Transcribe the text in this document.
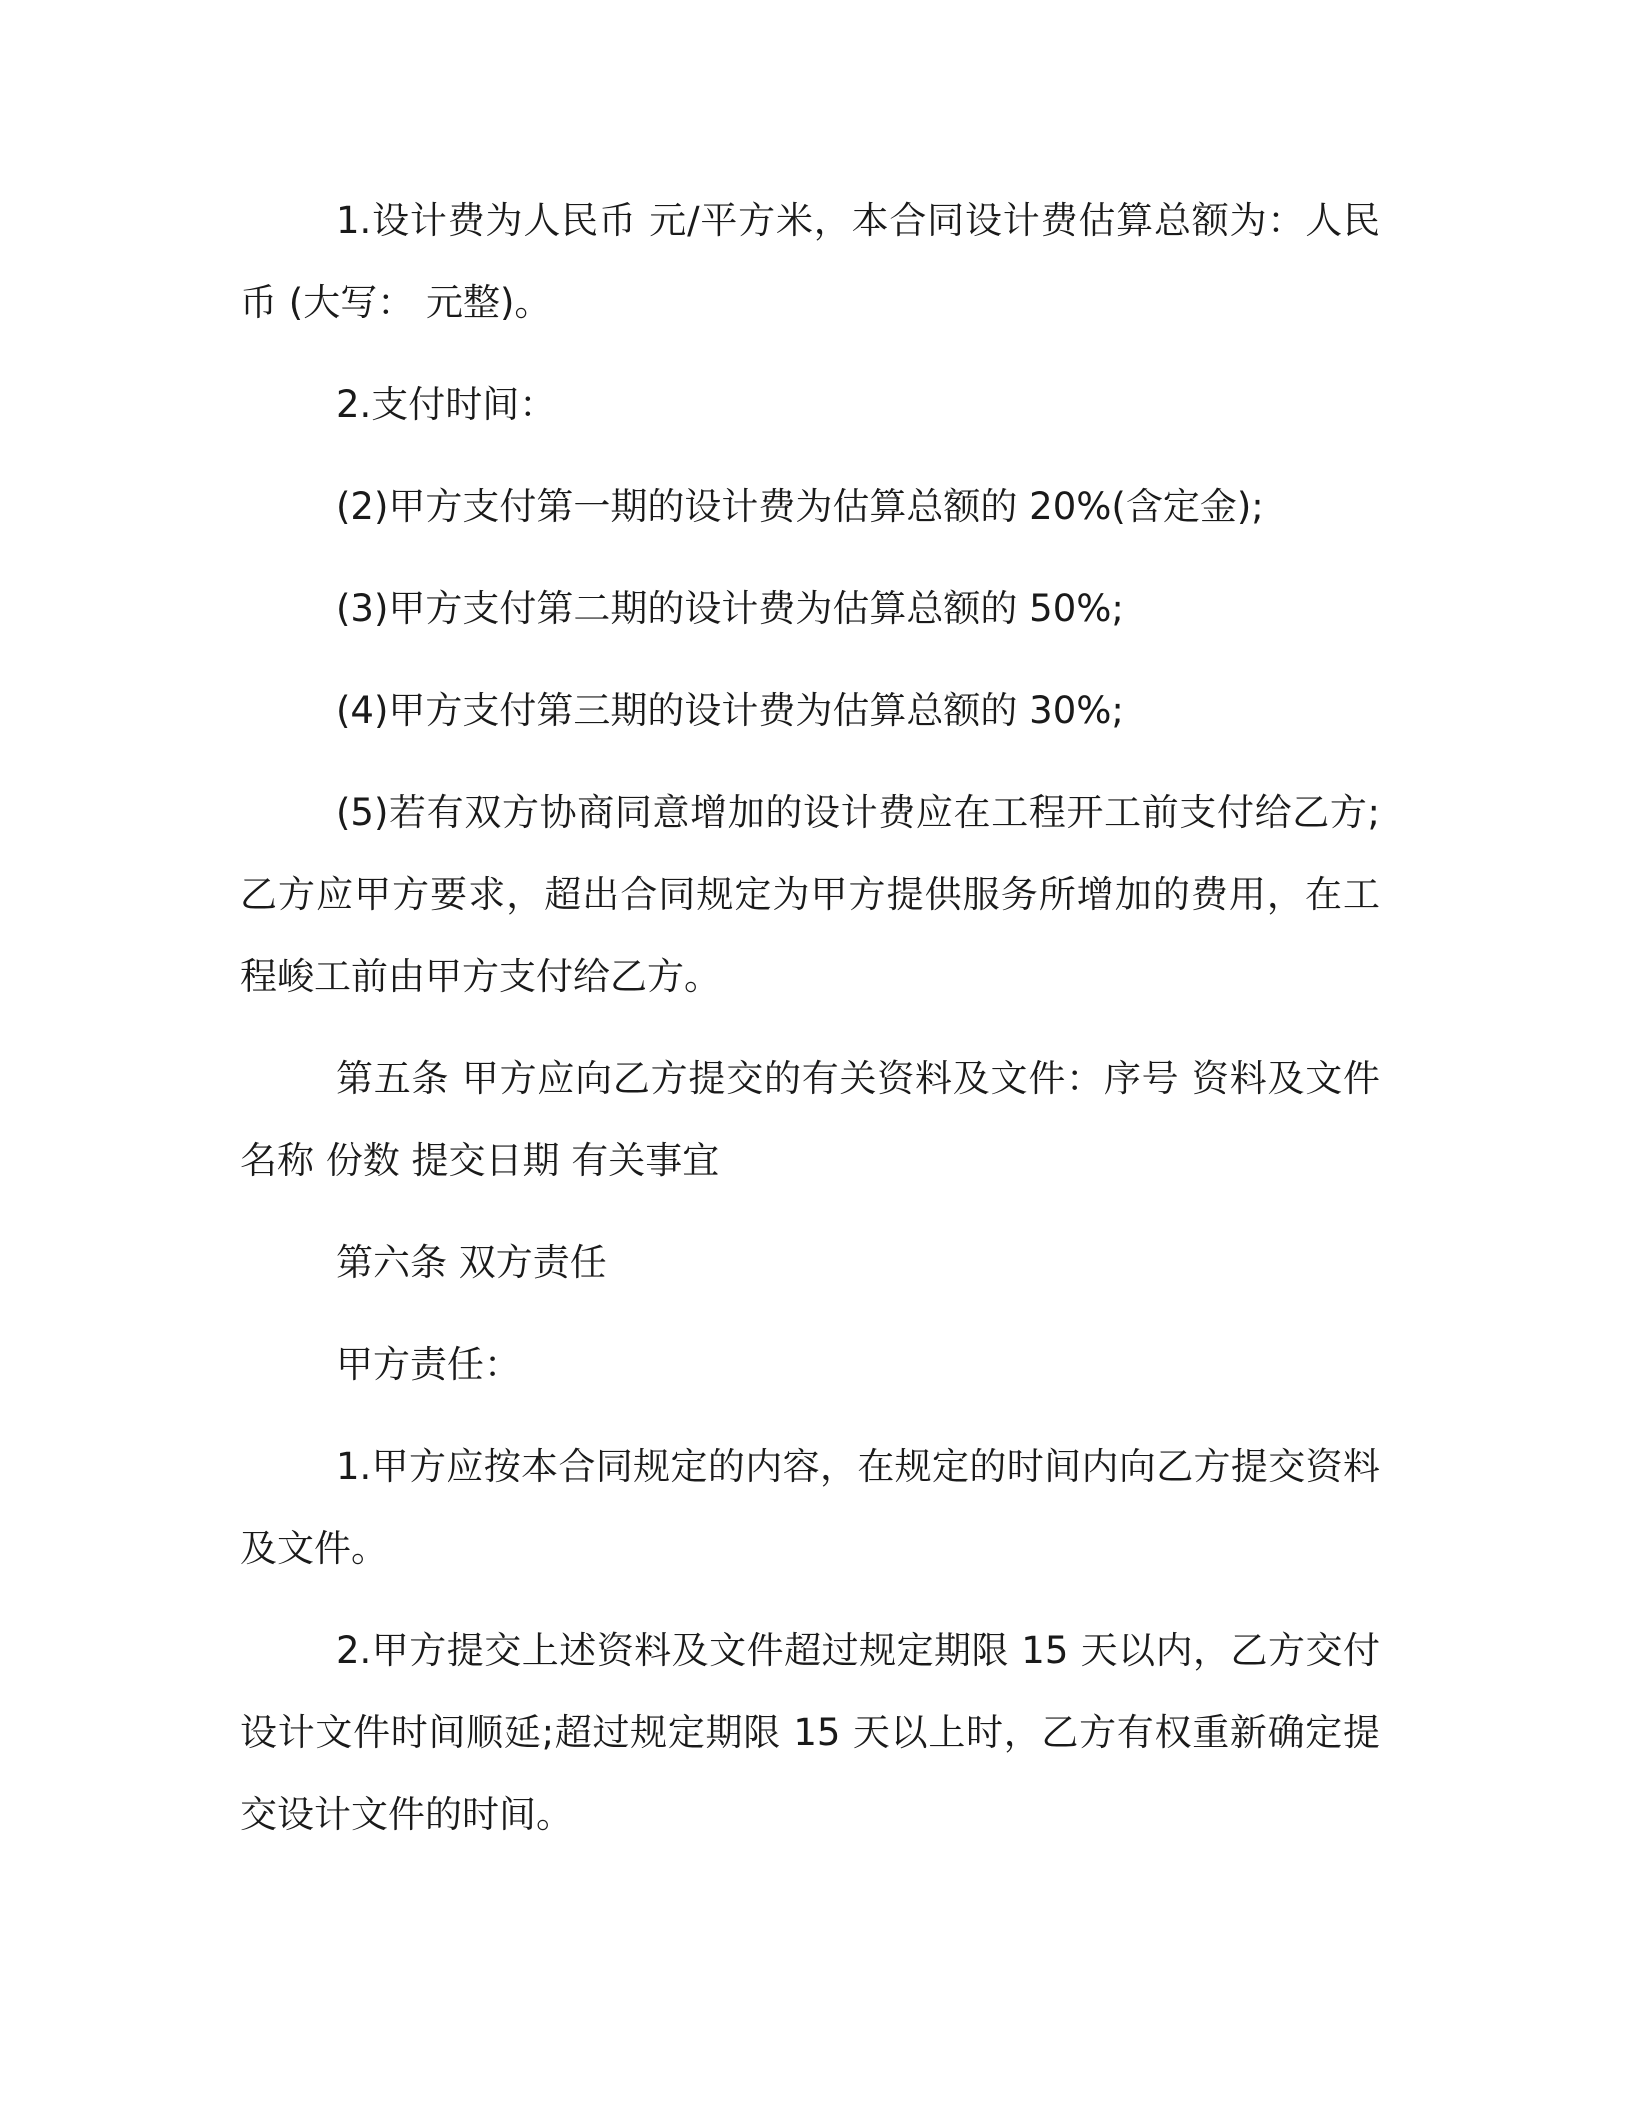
1.设计费为人民币 元/平方米，本合同设计费估算总额为：人民币 (大写： 元整)。

2.支付时间：

(2)甲方支付第一期的设计费为估算总额的 20%(含定金);

(3)甲方支付第二期的设计费为估算总额的 50%;

(4)甲方支付第三期的设计费为估算总额的 30%;

(5)若有双方协商同意增加的设计费应在工程开工前支付给乙方;乙方应甲方要求，超出合同规定为甲方提供服务所增加的费用，在工程峻工前由甲方支付给乙方。

第五条 甲方应向乙方提交的有关资料及文件：序号 资料及文件名称 份数 提交日期 有关事宜

第六条 双方责任

甲方责任：

1.甲方应按本合同规定的内容，在规定的时间内向乙方提交资料及文件。

2.甲方提交上述资料及文件超过规定期限 15 天以内，乙方交付设计文件时间顺延;超过规定期限 15 天以上时，乙方有权重新确定提交设计文件的时间。
